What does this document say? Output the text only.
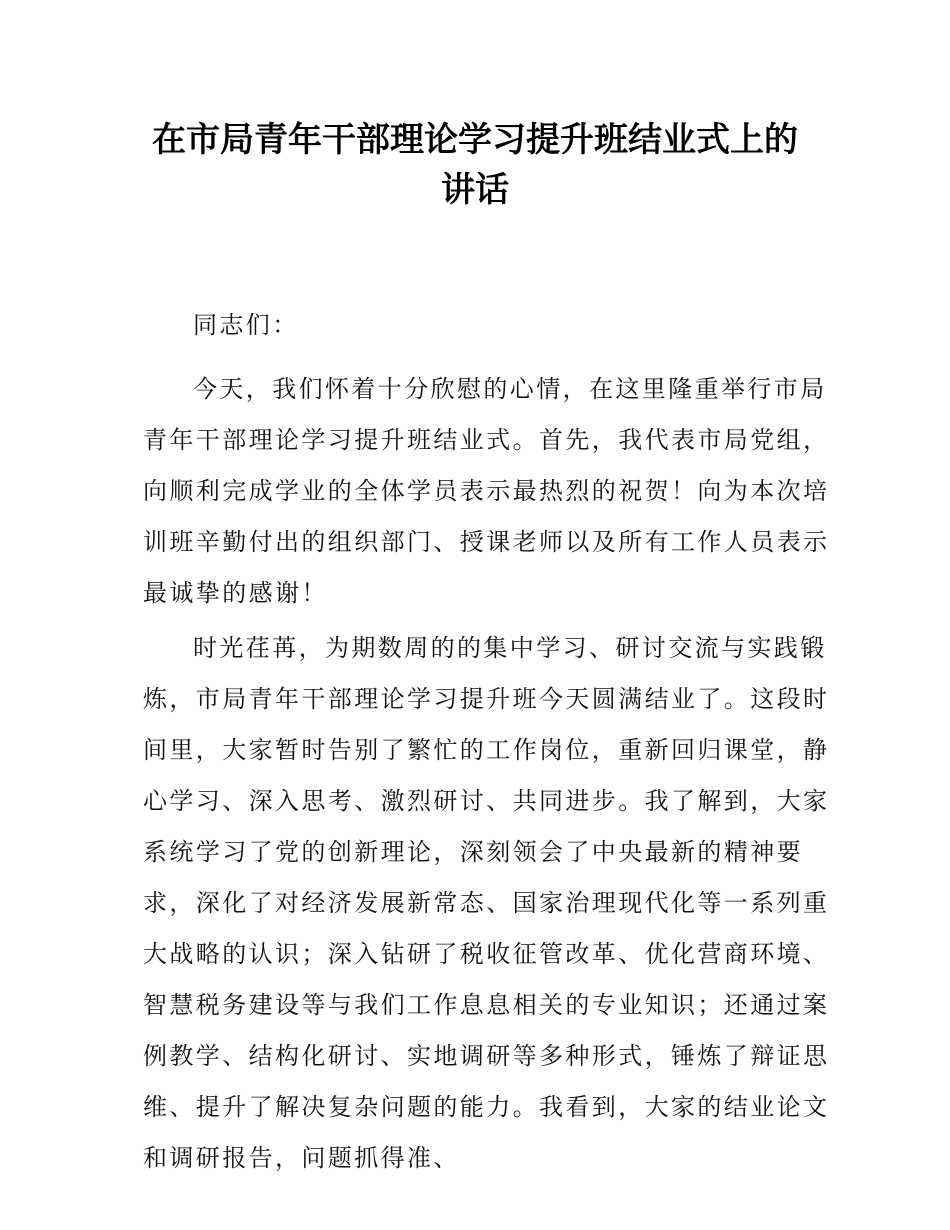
在市局青年干部理论学习提升班结业式上的
讲话

同志们：

今天，我们怀着十分欣慰的心情，在这里隆重举行市局青年干部理论学习提升班结业式。首先，我代表市局党组，向顺利完成学业的全体学员表示最热烈的祝贺！向为本次培训班辛勤付出的组织部门、授课老师以及所有工作人员表示最诚挚的感谢！

时光荏苒，为期数周的的集中学习、研讨交流与实践锻炼，市局青年干部理论学习提升班今天圆满结业了。这段时间里，大家暂时告别了繁忙的工作岗位，重新回归课堂，静心学习、深入思考、激烈研讨、共同进步。我了解到，大家系统学习了党的创新理论，深刻领会了中央最新的精神要求，深化了对经济发展新常态、国家治理现代化等一系列重大战略的认识；深入钻研了税收征管改革、优化营商环境、智慧税务建设等与我们工作息息相关的专业知识；还通过案例教学、结构化研讨、实地调研等多种形式，锤炼了辩证思维、提升了解决复杂问题的能力。我看到，大家的结业论文和调研报告，问题抓得准、
